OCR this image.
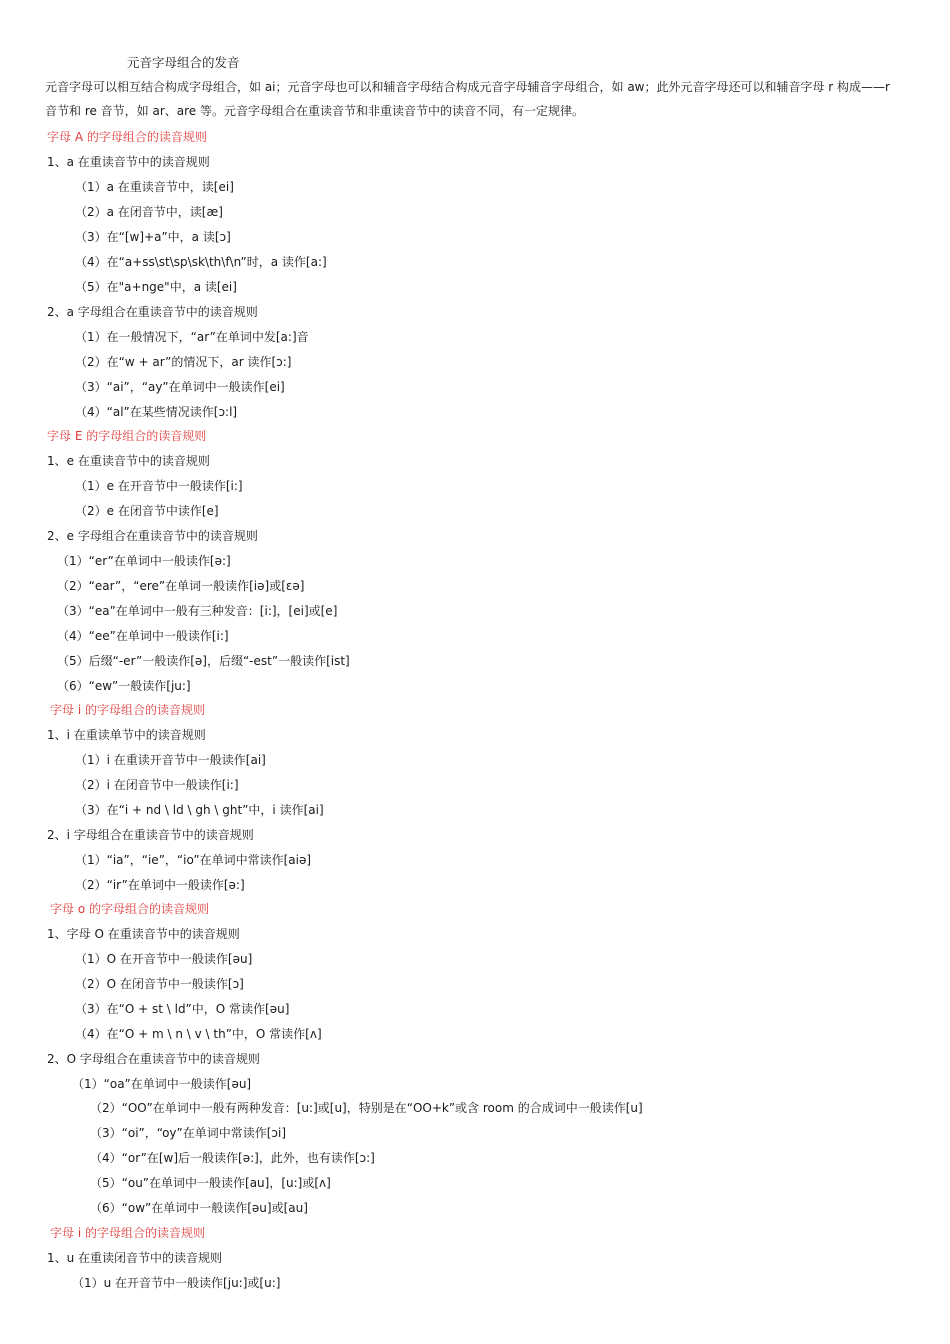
元音字母组合的发音
元音字母可以相互结合构成字母组合，如 ai；元音字母也可以和辅音字母结合构成元音字母辅音字母组合，如 aw；此外元音字母还可以和辅音字母 r 构成——r 音节和 re 音节，如 ar、are 等。元音字母组合在重读音节和非重读音节中的读音不同，有一定规律。
字母 A 的字母组合的读音规则
1、a 在重读音节中的读音规则
（1）a 在重读音节中，读[ei]
（2）a 在闭音节中，读[æ]
（3）在“[w]+a”中，a 读[ɔ]
（4）在“a+ss\st\sp\sk\th\f\n”时，a 读作[a:]
（5）在"a+nge"中，a 读[ei]
2、a 字母组合在重读音节中的读音规则
（1）在一般情况下，“ar”在单词中发[a:]音
（2）在“w + ar”的情况下，ar 读作[ɔ:]
（3）“ai”，“ay”在单词中一般读作[ei]
（4）“al”在某些情况读作[ɔ:l]
字母 E 的字母组合的读音规则
1、e 在重读音节中的读音规则
（1）e 在开音节中一般读作[i:]
（2）e 在闭音节中读作[e]
2、e 字母组合在重读音节中的读音规则
（1）“er”在单词中一般读作[ə:]
（2）“ear”，“ere”在单词一般读作[iə]或[ɛə]
（3）“ea”在单词中一般有三种发音：[i:]，[ei]或[e]
（4）“ee”在单词中一般读作[i:]
（5）后缀“-er”一般读作[ə]，后缀“-est”一般读作[ist]
（6）“ew”一般读作[ju:]
字母 i 的字母组合的读音规则
1、i 在重读单节中的读音规则
（1）i 在重读开音节中一般读作[ai]
（2）i 在闭音节中一般读作[i:]
（3）在“i + nd \ ld \ gh \ ght”中，i 读作[ai]
2、i 字母组合在重读音节中的读音规则
（1）“ia”，“ie”，“io”在单词中常读作[aiə]
（2）“ir”在单词中一般读作[ə:]
字母 o 的字母组合的读音规则
1、字母 O 在重读音节中的读音规则
（1）O 在开音节中一般读作[əu]
（2）O 在闭音节中一般读作[ɔ]
（3）在“O + st \ ld”中，O 常读作[əu]
（4）在“O + m \ n \ v \ th”中，O 常读作[ʌ]
2、O 字母组合在重读音节中的读音规则
（1）“oa”在单词中一般读作[əu]
（2）“OO”在单词中一般有两种发音：[u:]或[u]，特别是在“OO+k”或含 room 的合成词中一般读作[u]
（3）“oi”，“oy”在单词中常读作[ɔi]
（4）“or”在[w]后一般读作[ə:]，此外，也有读作[ɔ:]
（5）“ou”在单词中一般读作[au]，[u:]或[ʌ]
（6）“ow”在单词中一般读作[əu]或[au]
字母 i 的字母组合的读音规则
1、u 在重读闭音节中的读音规则
（1）u 在开音节中一般读作[ju:]或[u:]
